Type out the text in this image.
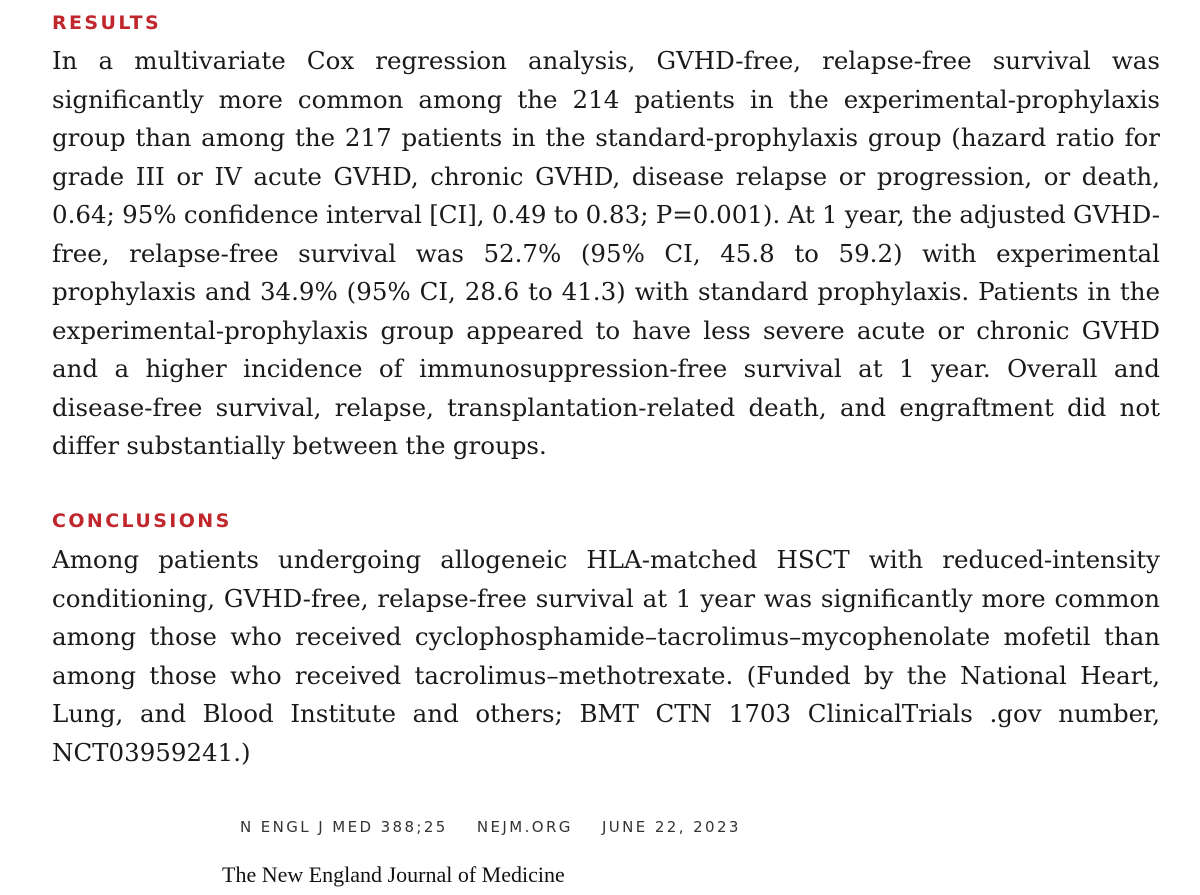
RESULTS

In a multivariate Cox regression analysis, GVHD-free, relapse-free survival was significantly more common among the 214 patients in the experimental-prophylaxis group than among the 217 patients in the standard-prophylaxis group (hazard ratio for grade III or IV acute GVHD, chronic GVHD, disease relapse or progression, or death, 0.64; 95% confidence interval [CI], 0.49 to 0.83; P=0.001). At 1 year, the adjusted GVHD-free, relapse-free survival was 52.7% (95% CI, 45.8 to 59.2) with experimental prophylaxis and 34.9% (95% CI, 28.6 to 41.3) with standard prophylaxis. Patients in the experimental-prophylaxis group appeared to have less severe acute or chronic GVHD and a higher incidence of immunosuppression-free survival at 1 year. Overall and disease-free survival, relapse, transplantation-related death, and engraftment did not differ substantially between the groups.

CONCLUSIONS

Among patients undergoing allogeneic HLA-matched HSCT with reduced-intensity conditioning, GVHD-free, relapse-free survival at 1 year was significantly more common among those who received cyclophosphamide–tacrolimus–mycophenolate mofetil than among those who received tacrolimus–methotrexate. (Funded by the National Heart, Lung, and Blood Institute and others; BMT CTN 1703 ClinicalTrials .gov number, NCT03959241.)

N ENGL J MED 388;25 NEJM.ORG JUNE 22, 2023
The New England Journal of Medicine
